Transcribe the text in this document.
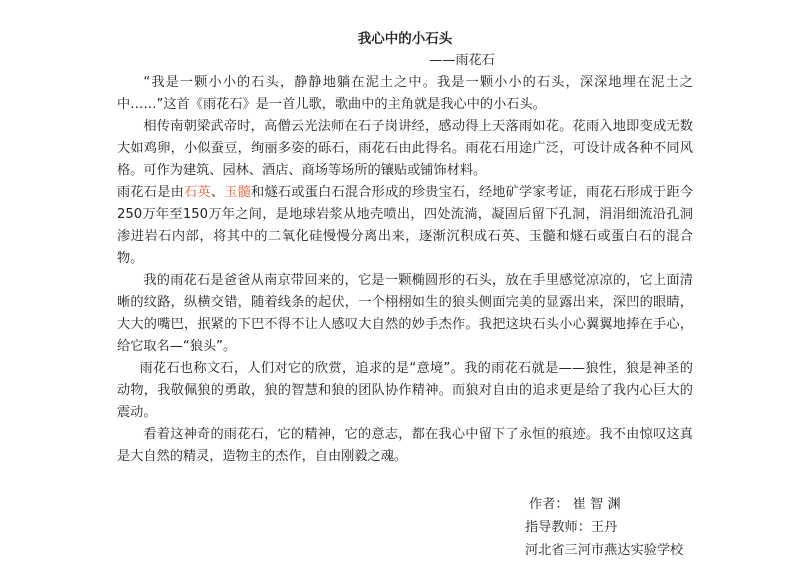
我心中的小石头
——雨花石

“我是一颗小小的石头，静静地躺在泥土之中。我是一颗小小的石头，深深地埋在泥土之中……”这首《雨花石》是一首儿歌，歌曲中的主角就是我心中的小石头。

相传南朝梁武帝时，高僧云光法师在石子岗讲经，感动得上天落雨如花。花雨入地即变成无数大如鸡卵，小似蚕豆，绚丽多姿的砾石，雨花石由此得名。雨花石用途广泛，可设计成各种不同风格。可作为建筑、园林、酒店、商场等场所的镶贴或铺饰材料。

雨花石是由石英、玉髓和燧石或蛋白石混合形成的珍贵宝石，经地矿学家考证，雨花石形成于距今250万年至150万年之间，是地球岩浆从地壳喷出，四处流淌，凝固后留下孔洞，涓涓细流沿孔洞渗进岩石内部，将其中的二氧化硅慢慢分离出来，逐渐沉积成石英、玉髓和燧石或蛋白石的混合物。

我的雨花石是爸爸从南京带回来的，它是一颗椭圆形的石头，放在手里感觉凉凉的，它上面清晰的纹路，纵横交错，随着线条的起伏，一个栩栩如生的狼头侧面完美的显露出来，深凹的眼睛，大大的嘴巴，抿紧的下巴不得不让人感叹大自然的妙手杰作。我把这块石头小心翼翼地捧在手心，给它取名—“狼头”。

雨花石也称文石，人们对它的欣赏，追求的是“意境”。我的雨花石就是——狼性，狼是神圣的动物，我敬佩狼的勇敢，狼的智慧和狼的团队协作精神。而狼对自由的追求更是给了我内心巨大的震动。

看着这神奇的雨花石，它的精神，它的意志，都在我心中留下了永恒的痕迹。我不由惊叹这真是大自然的精灵，造物主的杰作，自由刚毅之魂。

作者： 崔 智 渊
指导教师：王丹
河北省三河市燕达实验学校
